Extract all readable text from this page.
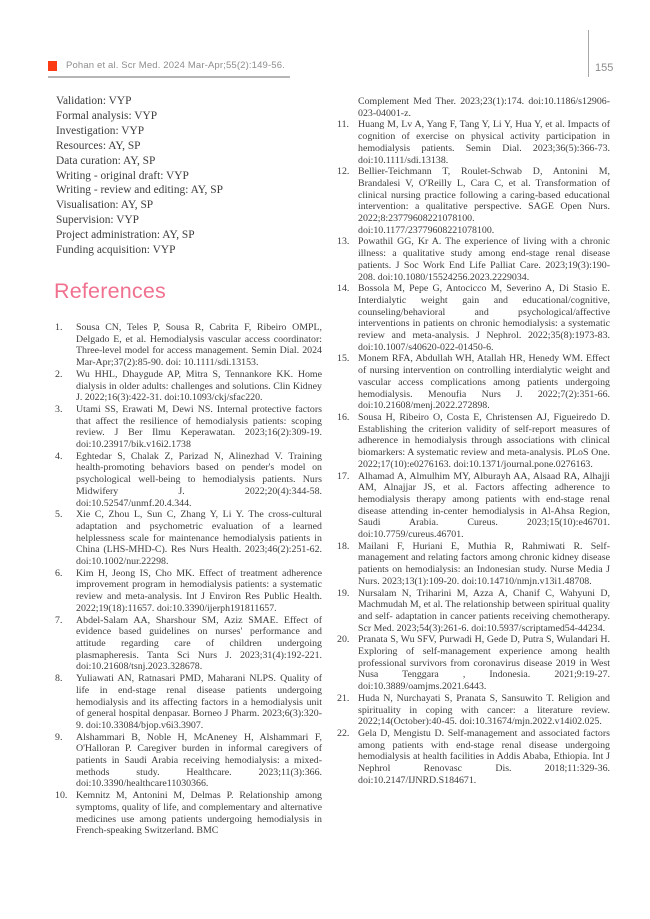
Pohan et al. Scr Med. 2024 Mar-Apr;55(2):149-56.	155
Validation: VYP
Formal analysis: VYP
Investigation: VYP
Resources: AY, SP
Data curation: AY, SP
Writing - original draft: VYP
Writing - review and editing: AY, SP
Visualisation: AY, SP
Supervision: VYP
Project administration: AY, SP
Funding acquisition: VYP
References
1.	Sousa CN, Teles P, Sousa R, Cabrita F, Ribeiro OMPL, Delgado E, et al. Hemodialysis vascular access coordinator: Three-level model for access management. Semin Dial. 2024 Mar-Apr;37(2):85-90. doi: 10.1111/sdi.13153.
2.	Wu HHL, Dhaygude AP, Mitra S, Tennankore KK. Home dialysis in older adults: challenges and solutions. Clin Kidney J. 2022;16(3):422-31. doi:10.1093/ckj/sfac220.
3.	Utami SS, Erawati M, Dewi NS. Internal protective factors that affect the resilience of hemodialysis patients: scoping review. J Ber Ilmu Keperawatan. 2023;16(2):309-19. doi:10.23917/bik.v16i2.1738
4.	Eghtedar S, Chalak Z, Parizad N, Alinezhad V. Training health-promoting behaviors based on pender's model on psychological well-being to hemodialysis patients. Nurs Midwifery J. 2022;20(4):344-58. doi:10.52547/unmf.20.4.344.
5.	Xie C, Zhou L, Sun C, Zhang Y, Li Y. The cross-cultural adaptation and psychometric evaluation of a learned helplessness scale for maintenance hemodialysis patients in China (LHS-MHD-C). Res Nurs Health. 2023;46(2):251-62. doi:10.1002/nur.22298.
6.	Kim H, Jeong IS, Cho MK. Effect of treatment adherence improvement program in hemodialysis patients: a systematic review and meta-analysis. Int J Environ Res Public Health. 2022;19(18):11657. doi:10.3390/ijerph191811657.
7.	Abdel-Salam AA, Sharshour SM, Aziz SMAE. Effect of evidence based guidelines on nurses' performance and attitude regarding care of children undergoing plasmapheresis. Tanta Sci Nurs J. 2023;31(4):192-221. doi:10.21608/tsnj.2023.328678.
8.	Yuliawati AN, Ratnasari PMD, Maharani NLPS. Quality of life in end-stage renal disease patients undergoing hemodialysis and its affecting factors in a hemodialysis unit of general hospital denpasar. Borneo J Pharm. 2023;6(3):320-9. doi:10.33084/bjop.v6i3.3907.
9.	Alshammari B, Noble H, McAneney H, Alshammari F, O'Halloran P. Caregiver burden in informal caregivers of patients in Saudi Arabia receiving hemodialysis: a mixed-methods study. Healthcare. 2023;11(3):366. doi:10.3390/healthcare11030366.
10. Kemnitz M, Antonini M, Delmas P. Relationship among symptoms, quality of life, and complementary and alternative medicines use among patients undergoing hemodialysis in French-speaking Switzerland. BMC
Complement Med Ther. 2023;23(1):174. doi:10.1186/s12906-023-04001-z.
11. Huang M, Lv A, Yang F, Tang Y, Li Y, Hua Y, et al. Impacts of cognition of exercise on physical activity participation in hemodialysis patients. Semin Dial. 2023;36(5):366-73. doi:10.1111/sdi.13138.
12. Bellier-Teichmann T, Roulet-Schwab D, Antonini M, Brandalesi V, O'Reilly L, Cara C, et al. Transformation of clinical nursing practice following a caring-based educational intervention: a qualitative perspective. SAGE Open Nurs. 2022;8:23779608221078100. doi:10.1177/23779608221078100.
13. Powathil GG, Kr A. The experience of living with a chronic illness: a qualitative study among end-stage renal disease patients. J Soc Work End Life Palliat Care. 2023;19(3):190-208. doi:10.1080/15524256.2023.2229034.
14. Bossola M, Pepe G, Antocicco M, Severino A, Di Stasio E. Interdialytic weight gain and educational/cognitive, counseling/behavioral and psychological/affective interventions in patients on chronic hemodialysis: a systematic review and meta-analysis. J Nephrol. 2022;35(8):1973-83. doi:10.1007/s40620-022-01450-6.
15. Monem RFA, Abdullah WH, Atallah HR, Henedy WM. Effect of nursing intervention on controlling interdialytic weight and vascular access complications among patients undergoing hemodialysis. Menoufia Nurs J. 2022;7(2):351-66. doi:10.21608/menj.2022.272898.
16. Sousa H, Ribeiro O, Costa E, Christensen AJ, Figueiredo D. Establishing the criterion validity of self-report measures of adherence in hemodialysis through associations with clinical biomarkers: A systematic review and meta-analysis. PLoS One. 2022;17(10):e0276163. doi:10.1371/journal.pone.0276163.
17. Alhamad A, Almulhim MY, Alburayh AA, Alsaad RA, Alhajji AM, Alnajjar JS, et al. Factors affecting adherence to hemodialysis therapy among patients with end-stage renal disease attending in-center hemodialysis in Al-Ahsa Region, Saudi Arabia. Cureus. 2023;15(10):e46701. doi:10.7759/cureus.46701.
18. Mailani F, Huriani E, Muthia R, Rahmiwati R. Self-management and relating factors among chronic kidney disease patients on hemodialysis: an Indonesian study. Nurse Media J Nurs. 2023;13(1):109-20. doi:10.14710/nmjn.v13i1.48708.
19. Nursalam N, Triharini M, Azza A, Chanif C, Wahyuni D, Machmudah M, et al. The relationship between spiritual quality and self- adaptation in cancer patients receiving chemotherapy. Scr Med. 2023;54(3):261-6. doi:10.5937/scriptamed54-44234.
20. Pranata S, Wu SFV, Purwadi H, Gede D, Putra S, Wulandari H. Exploring of self-management experience among health professional survivors from coronavirus disease 2019 in West Nusa Tenggara , Indonesia. 2021;9:19-27. doi:10.3889/oamjms.2021.6443.
21. Huda N, Nurchayati S, Pranata S, Sansuwito T. Religion and spirituality in coping with cancer: a literature review. 2022;14(October):40-45. doi:10.31674/mjn.2022.v14i02.025.
22. Gela D, Mengistu D. Self-management and associated factors among patients with end-stage renal disease undergoing hemodialysis at health facilities in Addis Ababa, Ethiopia. Int J Nephrol Renovasc Dis. 2018;11:329-36. doi:10.2147/IJNRD.S184671.
